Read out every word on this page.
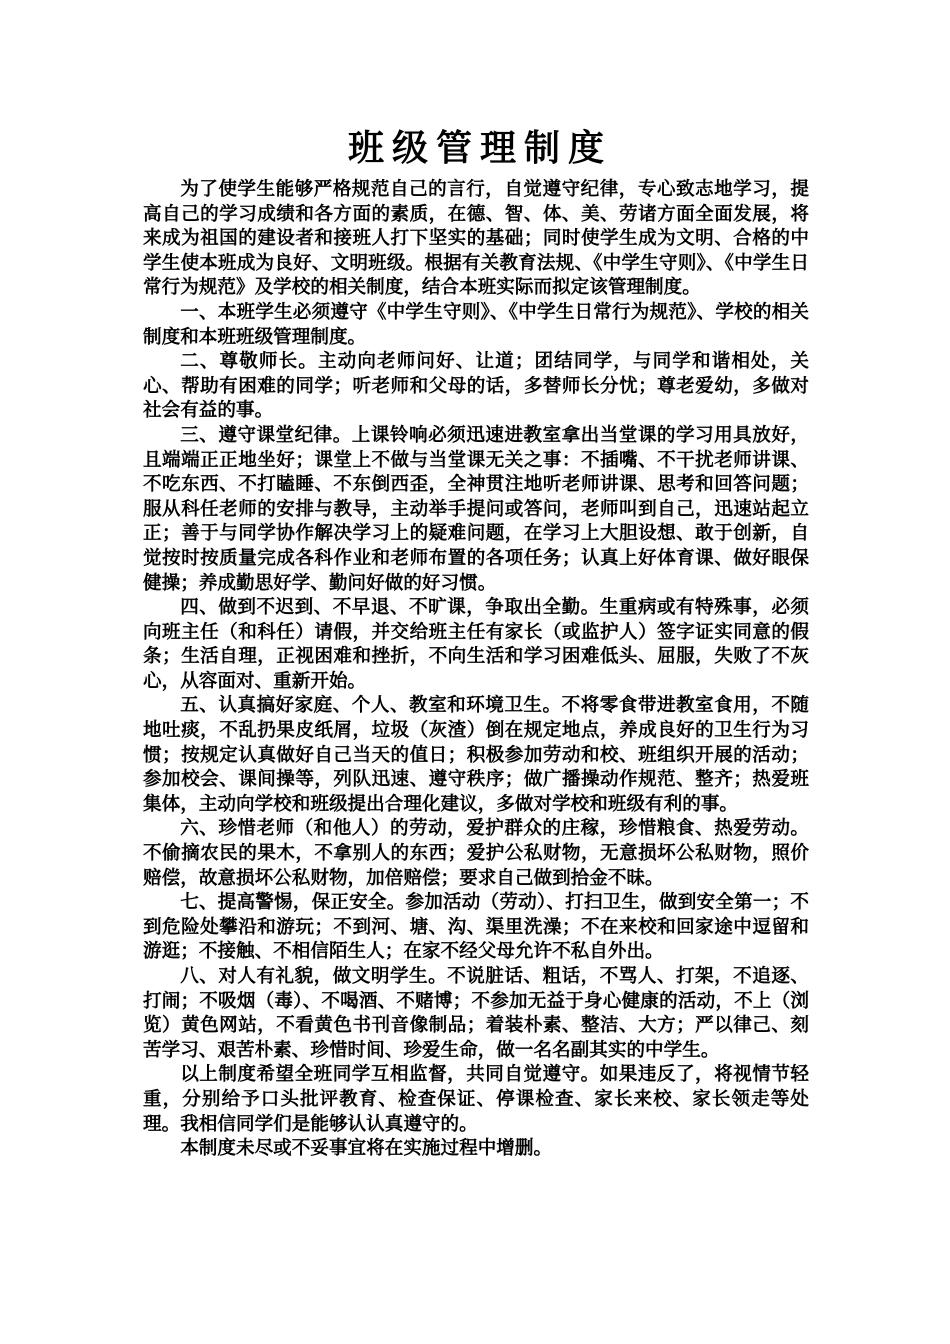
班级管理制度

为了使学生能够严格规范自己的言行，自觉遵守纪律，专心致志地学习，提高自己的学习成绩和各方面的素质，在德、智、体、美、劳诸方面全面发展，将来成为祖国的建设者和接班人打下坚实的基础；同时使学生成为文明、合格的中学生使本班成为良好、文明班级。根据有关教育法规、《中学生守则》、《中学生日常行为规范》及学校的相关制度，结合本班实际而拟定该管理制度。

一、本班学生必须遵守《中学生守则》、《中学生日常行为规范》、学校的相关制度和本班班级管理制度。

二、尊敬师长。主动向老师问好、让道；团结同学，与同学和谐相处，关心、帮助有困难的同学；听老师和父母的话，多替师长分忧；尊老爱幼，多做对社会有益的事。

三、遵守课堂纪律。上课铃响必须迅速进教室拿出当堂课的学习用具放好，且端端正正地坐好；课堂上不做与当堂课无关之事：不插嘴、不干扰老师讲课、不吃东西、不打瞌睡、不东倒西歪，全神贯注地听老师讲课、思考和回答问题；服从科任老师的安排与教导，主动举手提问或答问，老师叫到自己，迅速站起立正；善于与同学协作解决学习上的疑难问题，在学习上大胆设想、敢于创新，自觉按时按质量完成各科作业和老师布置的各项任务；认真上好体育课、做好眼保健操；养成勤思好学、勤问好做的好习惯。

四、做到不迟到、不早退、不旷课，争取出全勤。生重病或有特殊事，必须向班主任（和科任）请假，并交给班主任有家长（或监护人）签字证实同意的假条；生活自理，正视困难和挫折，不向生活和学习困难低头、屈服，失败了不灰心，从容面对、重新开始。

五、认真搞好家庭、个人、教室和环境卫生。不将零食带进教室食用，不随地吐痰，不乱扔果皮纸屑，垃圾（灰渣）倒在规定地点，养成良好的卫生行为习惯；按规定认真做好自己当天的值日；积极参加劳动和校、班组织开展的活动；参加校会、课间操等，列队迅速、遵守秩序；做广播操动作规范、整齐；热爱班集体，主动向学校和班级提出合理化建议，多做对学校和班级有利的事。

六、珍惜老师（和他人）的劳动，爱护群众的庄稼，珍惜粮食、热爱劳动。不偷摘农民的果木，不拿别人的东西；爱护公私财物，无意损坏公私财物，照价赔偿，故意损坏公私财物，加倍赔偿；要求自己做到拾金不昧。

七、提高警惕，保正安全。参加活动（劳动）、打扫卫生，做到安全第一；不到危险处攀沿和游玩；不到河、塘、沟、渠里洗澡；不在来校和回家途中逗留和游逛；不接触、不相信陌生人；在家不经父母允许不私自外出。

八、对人有礼貌，做文明学生。不说脏话、粗话，不骂人、打架，不追逐、打闹；不吸烟（毒）、不喝酒、不赌博；不参加无益于身心健康的活动，不上（浏览）黄色网站，不看黄色书刊音像制品；着装朴素、整洁、大方；严以律己、刻苦学习、艰苦朴素、珍惜时间、珍爱生命，做一名名副其实的中学生。

以上制度希望全班同学互相监督，共同自觉遵守。如果违反了，将视情节轻重，分别给予口头批评教育、检查保证、停课检查、家长来校、家长领走等处理。我相信同学们是能够认认真遵守的。

本制度未尽或不妥事宜将在实施过程中增删。
